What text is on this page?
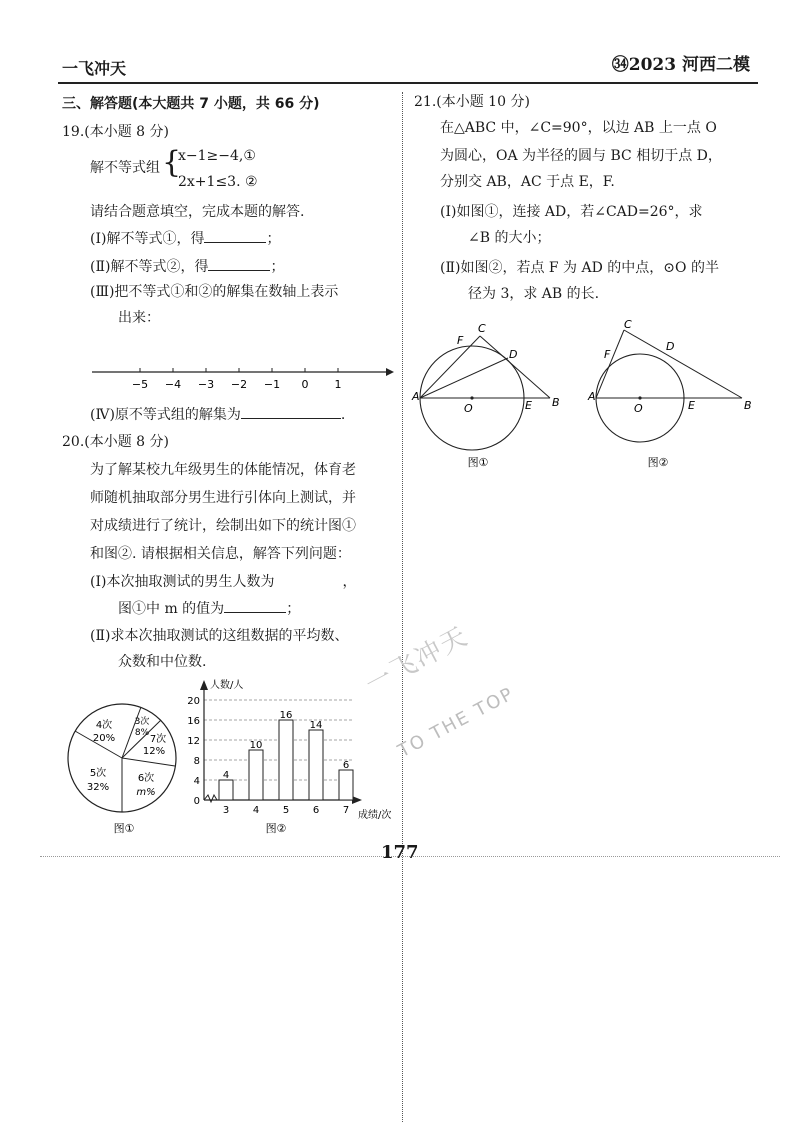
一飞冲天	㉞2023 河西二模
三、解答题(本大题共 7 小题，共 66 分)
19.(本小题 8 分)
解不等式组 {
x−1≥−4,①
2x+1≤3. ②
请结合题意填空，完成本题的解答.
(Ⅰ)解不等式①，得	；
(Ⅱ)解不等式②，得	；
(Ⅲ)把不等式①和②的解集在数轴上表示
出来：
−5 −4 −3 −2 −1 0 1
(Ⅳ)原不等式组的解集为	.
20.(本小题 8 分)
为了解某校九年级男生的体能情况，体育老
师随机抽取部分男生进行引体向上测试，并
对成绩进行了统计，绘制出如下的统计图①
和图②. 请根据相关信息，解答下列问题：
(Ⅰ)本次抽取测试的男生人数为	，
图①中 m 的值为	；
(Ⅱ)求本次抽取测试的这组数据的平均数、
众数和中位数.
4次
20%
3次
8%
7次
12%
6次
m%
5次
32%
图①
0
4
8
12
16
20
4
3
10
4
16
5
14
6
6
7
人数/人
成绩/次
图②
21.(本小题 10 分)
在△ABC 中，∠C=90°，以边 AB 上一点 O
为圆心，OA 为半径的圆与 BC 相切于点 D，
分别交 AB，AC 于点 E，F.
(Ⅰ)如图①，连接 AD，若∠CAD=26°，求
∠B 的大小；
(Ⅱ)如图②，若点 F 为 AD 的中点，⊙O 的半
径为 3，求 AB 的长.
A	B
C
D
F
E
O
图①
A
B
C
D
F
E
O
图②
一飞冲天
TO THE TOP
177
